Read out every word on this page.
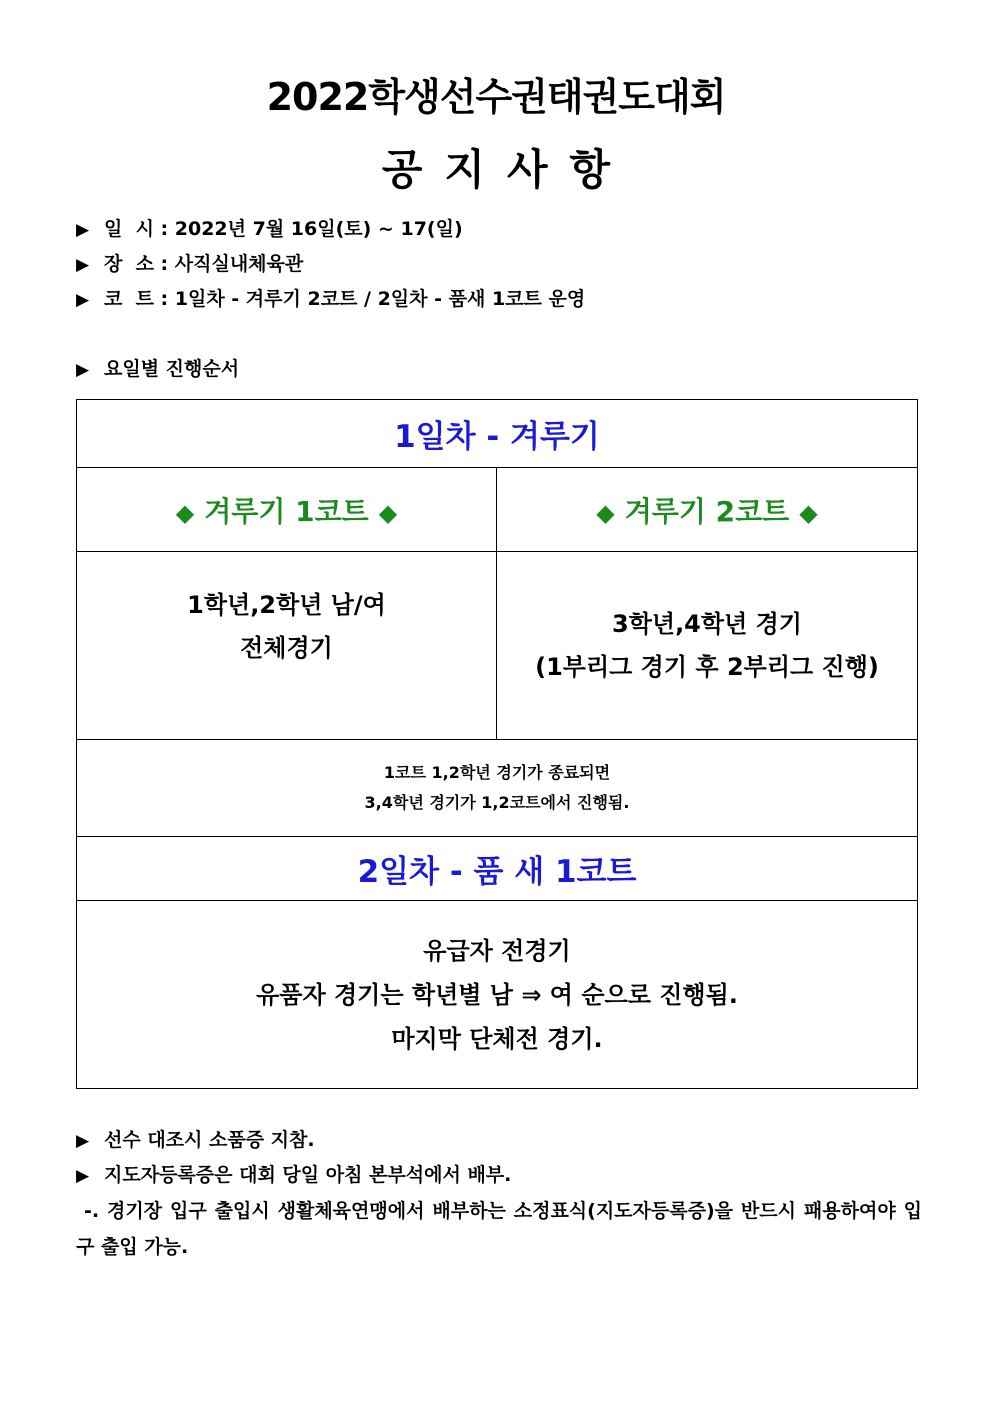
2022학생선수권태권도대회
공지사항
▶ 일  시 : 2022년 7월 16일(토) ~ 17(일)
▶ 장  소 : 사직실내체육관
▶ 코  트 : 1일차 - 겨루기 2코트 / 2일차 - 품새 1코트 운영
▶ 요일별 진행순서
1일차 - 겨루기
◆ 겨루기 1코트 ◆	◆ 겨루기 2코트 ◆
1학년,2학년 남/여
전체경기
3학년,4학년 경기
(1부리그 경기 후 2부리그 진행)
1코트 1,2학년 경기가 종료되면
3,4학년 경기가 1,2코트에서 진행됨.
2일차 - 품 새 1코트
유급자 전경기
유품자 경기는 학년별 남 ⇒ 여 순으로 진행됨.
마지막 단체전 경기.
▶ 선수 대조시 소품증 지참.
▶ 지도자등록증은 대회 당일 아침 본부석에서 배부.
-. 경기장 입구 출입시 생활체육연맹에서 배부하는 소정표식(지도자등록증)을 반드시 패용하여야 입구 출입 가능.
